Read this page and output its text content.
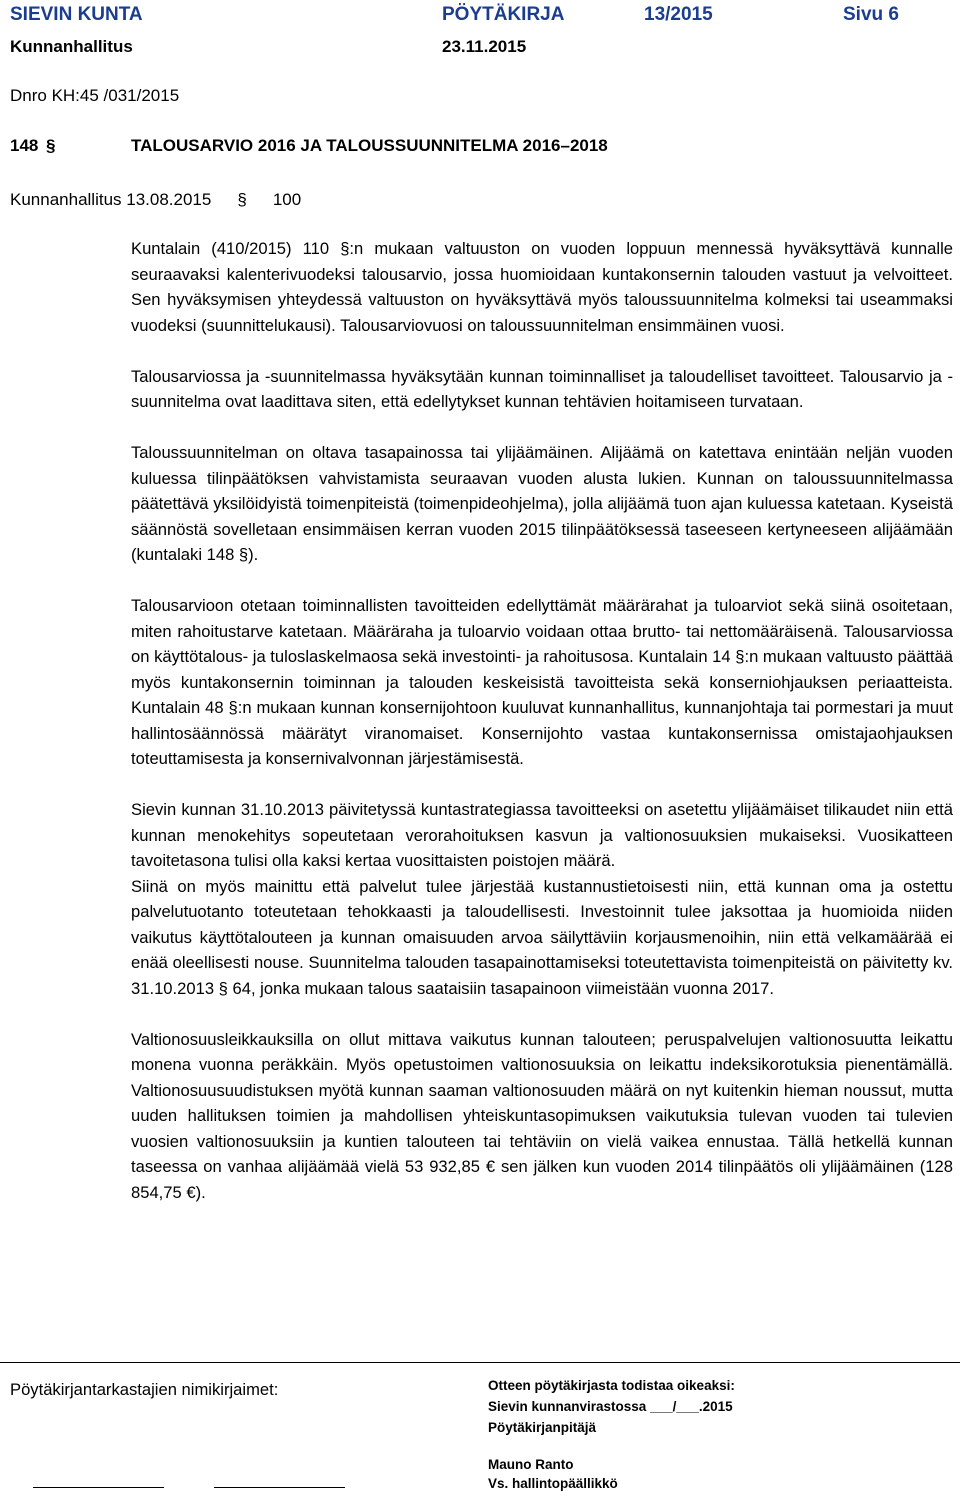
SIEVIN KUNTA	PÖYTÄKIRJA	13/2015	Sivu 6
Kunnanhallitus	23.11.2015
Dnro KH:45 /031/2015
148 §	TALOUSARVIO 2016 JA TALOUSSUUNNITELMA 2016–2018
Kunnanhallitus 13.08.2015 § 100

Kuntalain (410/2015) 110 §:n mukaan valtuuston on vuoden loppuun mennessä hyväksyttävä kunnalle seuraavaksi kalenterivuodeksi talousarvio, jossa huomioidaan kuntakonsernin talouden vastuut ja velvoitteet. Sen hyväksymisen yhteydessä valtuuston on hyväksyttävä myös taloussuunnitelma kolmeksi tai useammaksi vuodeksi (suunnittelukausi). Talousarviovuosi on taloussuunnitelman ensimmäinen vuosi.

Talousarviossa ja -suunnitelmassa hyväksytään kunnan toiminnalliset ja taloudelliset tavoitteet. Talousarvio ja -suunnitelma ovat laadittava siten, että edellytykset kunnan tehtävien hoitamiseen turvataan.

Taloussuunnitelman on oltava tasapainossa tai ylijäämäinen. Alijäämä on katettava enintään neljän vuoden kuluessa tilinpäätöksen vahvistamista seuraavan vuoden alusta lukien. Kunnan on taloussuunnitelmassa päätettävä yksilöidyistä toimenpiteistä (toimenpideohjelma), jolla alijäämä tuon ajan kuluessa katetaan. Kyseistä säännöstä sovelletaan ensimmäisen kerran vuoden 2015 tilinpäätöksessä taseeseen kertyneeseen alijäämään (kuntalaki 148 §).

Talousarvioon otetaan toiminnallisten tavoitteiden edellyttämät määrärahat ja tuloarviot sekä siinä osoitetaan, miten rahoitustarve katetaan. Määräraha ja tuloarvio voidaan ottaa brutto- tai nettomääräisenä. Talousarviossa on käyttötalous- ja tuloslaskelmaosa sekä investointi- ja rahoitusosa. Kuntalain 14 §:n mukaan valtuusto päättää myös kuntakonsernin toiminnan ja talouden keskeisistä tavoitteista sekä konserniohjauksen periaatteista. Kuntalain 48 §:n mukaan kunnan konsernijohtoon kuuluvat kunnanhallitus, kunnanjohtaja tai pormestari ja muut hallintosäännössä määrätyt viranomaiset. Konsernijohto vastaa kuntakonsernissa omistajaohjauksen toteuttamisesta ja konsernivalvonnan järjestämisestä.

Sievin kunnan 31.10.2013 päivitetyssä kuntastrategiassa tavoitteeksi on asetettu ylijäämäiset tilikaudet niin että kunnan menokehitys sopeutetaan verorahoituksen kasvun ja valtionosuuksien mukaiseksi. Vuosikatteen tavoitetasona tulisi olla kaksi kertaa vuosittaisten poistojen määrä.
Siinä on myös mainittu että palvelut tulee järjestää kustannustietoisesti niin, että kunnan oma ja ostettu palvelutuotanto toteutetaan tehokkaasti ja taloudellisesti. Investoinnit tulee jaksottaa ja huomioida niiden vaikutus käyttötalouteen ja kunnan omaisuuden arvoa säilyttäviin korjausmenoihin, niin että velkamäärää ei enää oleellisesti nouse. Suunnitelma talouden tasapainottamiseksi toteutettavista toimenpiteistä on päivitetty kv. 31.10.2013 § 64, jonka mukaan talous saataisiin tasapainoon viimeistään vuonna 2017.

Valtionosuusleikkauksilla on ollut mittava vaikutus kunnan talouteen; peruspalvelujen valtionosuutta leikattu monena vuonna peräkkäin. Myös opetustoimen valtionosuuksia on leikattu indeksikorotuksia pienentämällä. Valtionosuusuudistuksen myötä kunnan saaman valtionosuuden määrä on nyt kuitenkin hieman noussut, mutta uuden hallituksen toimien ja mahdollisen yhteiskuntasopimuksen vaikutuksia tulevan vuoden tai tulevien vuosien valtionosuuksiin ja kuntien talouteen tai tehtäviin on vielä vaikea ennustaa. Tällä hetkellä kunnan taseessa on vanhaa alijäämää vielä 53 932,85 € sen jälken kun vuoden 2014 tilinpäätös oli ylijäämäinen (128 854,75 €).

Pöytäkirjantarkastajien nimikirjaimet:	Otteen pöytäkirjasta todistaa oikeaksi:
Sievin kunnanvirastossa ___/___.2015
Pöytäkirjanpitäjä
Mauno Ranto
Vs. hallintopäällikkö
